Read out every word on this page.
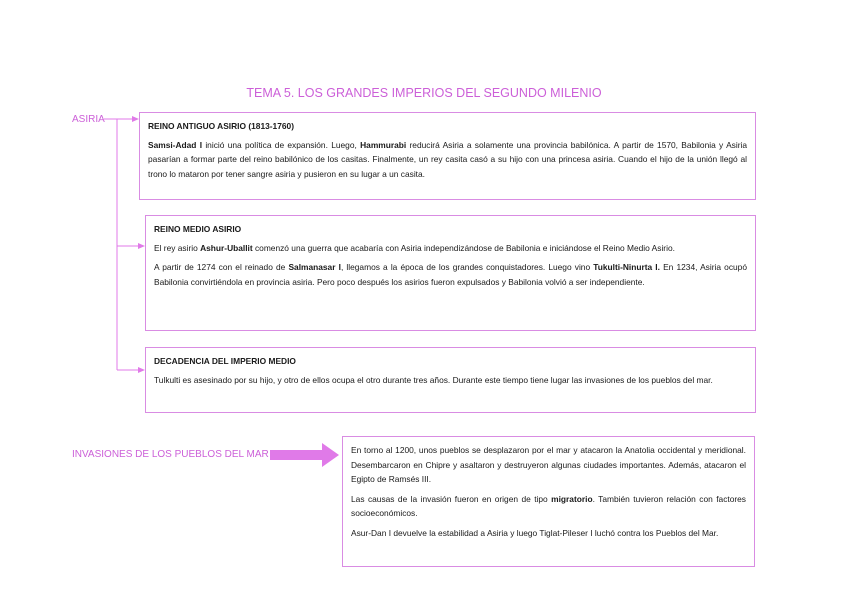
TEMA 5. LOS GRANDES IMPERIOS DEL SEGUNDO MILENIO
ASIRIA
INVASIONES DE LOS PUEBLOS DEL MAR
REINO ANTIGUO ASIRIO (1813-1760)

Samsi-Adad I inició una política de expansión. Luego, Hammurabi reducirá Asiria a solamente una provincia babilónica. A partir de 1570, Babilonia y Asiria pasarían a formar parte del reino babilónico de los casitas. Finalmente, un rey casita casó a su hijo con una princesa asiria. Cuando el hijo de la unión llegó al trono lo mataron por tener sangre asiria y pusieron en su lugar a un casita.

REINO MEDIO ASIRIO

El rey asirio Ashur-Uballit comenzó una guerra que acabaría con Asiria independizándose de Babilonia e iniciándose el Reino Medio Asirio.

A partir de 1274 con el reinado de Salmanasar I, llegamos a la época de los grandes conquistadores. Luego vino Tukulti-Ninurta I. En 1234, Asiria ocupó Babilonia convirtiéndola en provincia asiria. Pero poco después los asirios fueron expulsados y Babilonia volvió a ser independiente.

DECADENCIA DEL IMPERIO MEDIO

Tulkulti es asesinado por su hijo, y otro de ellos ocupa el otro durante tres años. Durante este tiempo tiene lugar las invasiones de los pueblos del mar.

En torno al 1200, unos pueblos se desplazaron por el mar y atacaron la Anatolia occidental y meridional. Desembarcaron en Chipre y asaltaron y destruyeron algunas ciudades importantes. Además, atacaron el Egipto de Ramsés III.

Las causas de la invasión fueron en origen de tipo migratorio. También tuvieron relación con factores socioeconómicos.

Asur-Dan I devuelve la estabilidad a Asiria y luego Tiglat-Pileser I luchó contra los Pueblos del Mar.
